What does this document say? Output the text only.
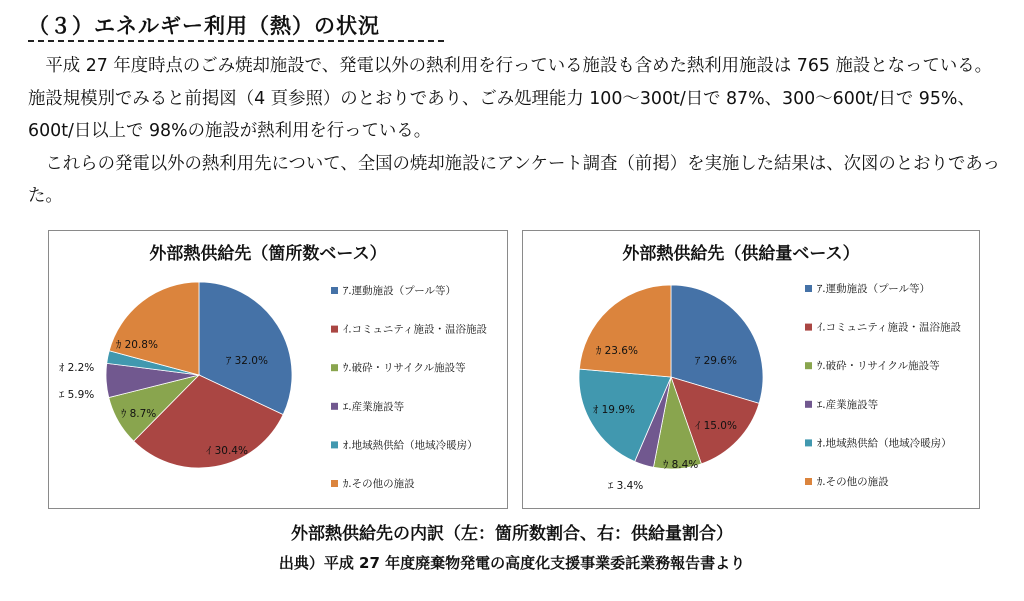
（３）エネルギー利用（熱）の状況

平成 27 年度時点のごみ焼却施設で、発電以外の熱利用を行っている施設も含めた熱利用施設は 765 施設となっている。施設規模別でみると前掲図（4 頁参照）のとおりであり、ごみ処理能力 100～300t/日で 87%、300～600t/日で 95%、600t/日以上で 98%の施設が熱利用を行っている。

これらの発電以外の熱利用先について、全国の焼却施設にアンケート調査（前掲）を実施した結果は、次図のとおりであった。

外部熱供給先（箇所数ベース）
ｱ 32.0%
ｲ 30.4%
ｳ 8.7%
ｴ 5.9%
ｵ 2.2%
ｶ 20.8%
ｱ.運動施設（プール等）
ｲ.コミュニティ施設・温浴施設
ｳ.破砕・リサイクル施設等
ｴ.産業施設等
ｵ.地域熱供給（地域冷暖房）
ｶ.その他の施設
外部熱供給先（供給量ベース）
ｱ 29.6%
ｲ 15.0%
ｳ 8.4%
ｴ 3.4%
ｵ 19.9%
ｶ 23.6%
ｱ.運動施設（プール等）
ｲ.コミュニティ施設・温浴施設
ｳ.破砕・リサイクル施設等
ｴ.産業施設等
ｵ.地域熱供給（地域冷暖房）
ｶ.その他の施設
外部熱供給先の内訳（左：箇所数割合、右：供給量割合）
出典）平成 27 年度廃棄物発電の高度化支援事業委託業務報告書より
